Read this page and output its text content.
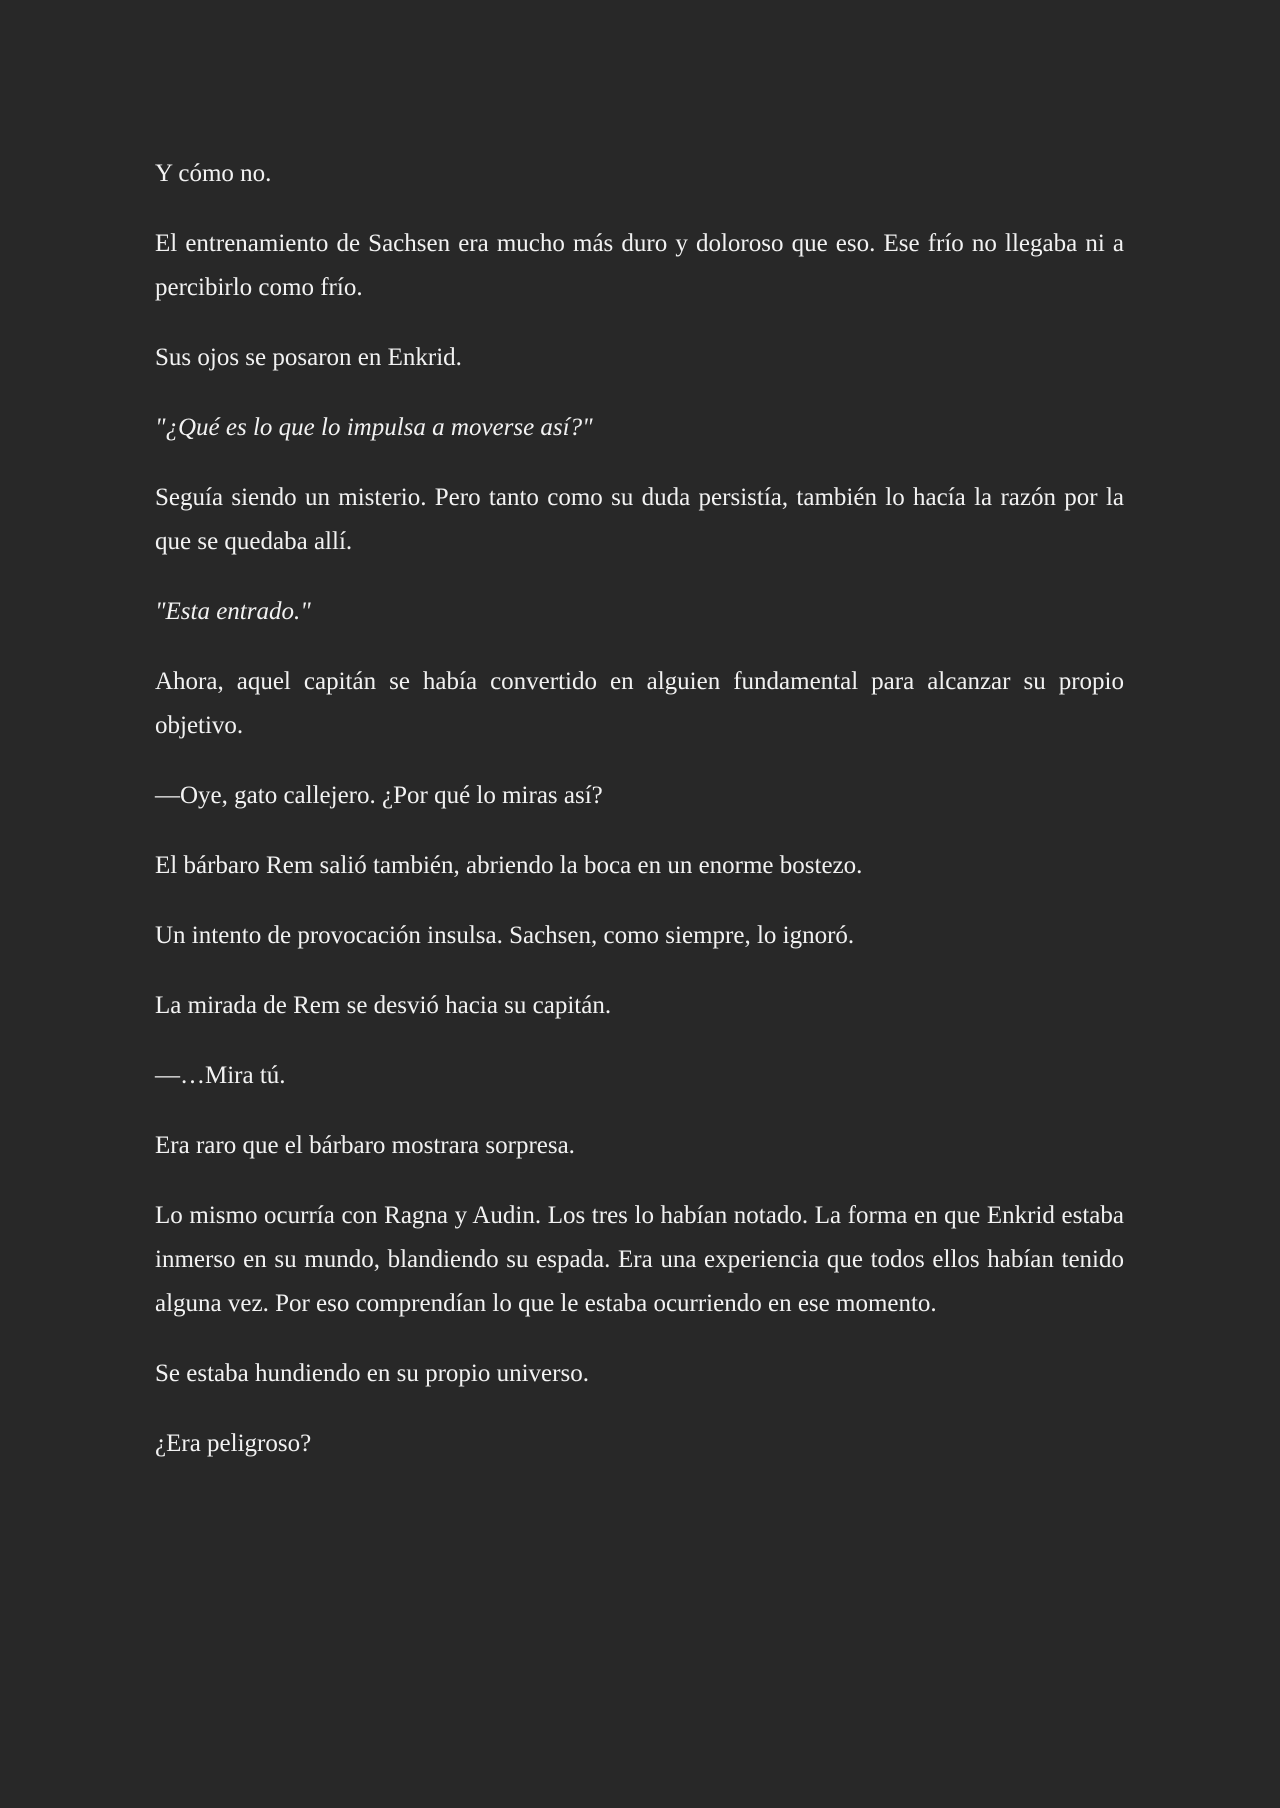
Y cómo no.

El entrenamiento de Sachsen era mucho más duro y doloroso que eso. Ese frío no llegaba ni a percibirlo como frío.

Sus ojos se posaron en Enkrid.

"¿Qué es lo que lo impulsa a moverse así?"

Seguía siendo un misterio. Pero tanto como su duda persistía, también lo hacía la razón por la que se quedaba allí.

"Esta entrado."

Ahora, aquel capitán se había convertido en alguien fundamental para alcanzar su propio objetivo.

—Oye, gato callejero. ¿Por qué lo miras así?

El bárbaro Rem salió también, abriendo la boca en un enorme bostezo.

Un intento de provocación insulsa. Sachsen, como siempre, lo ignoró.

La mirada de Rem se desvió hacia su capitán.

—…Mira tú.

Era raro que el bárbaro mostrara sorpresa.

Lo mismo ocurría con Ragna y Audin. Los tres lo habían notado. La forma en que Enkrid estaba inmerso en su mundo, blandiendo su espada. Era una experiencia que todos ellos habían tenido alguna vez. Por eso comprendían lo que le estaba ocurriendo en ese momento.

Se estaba hundiendo en su propio universo.

¿Era peligroso?
